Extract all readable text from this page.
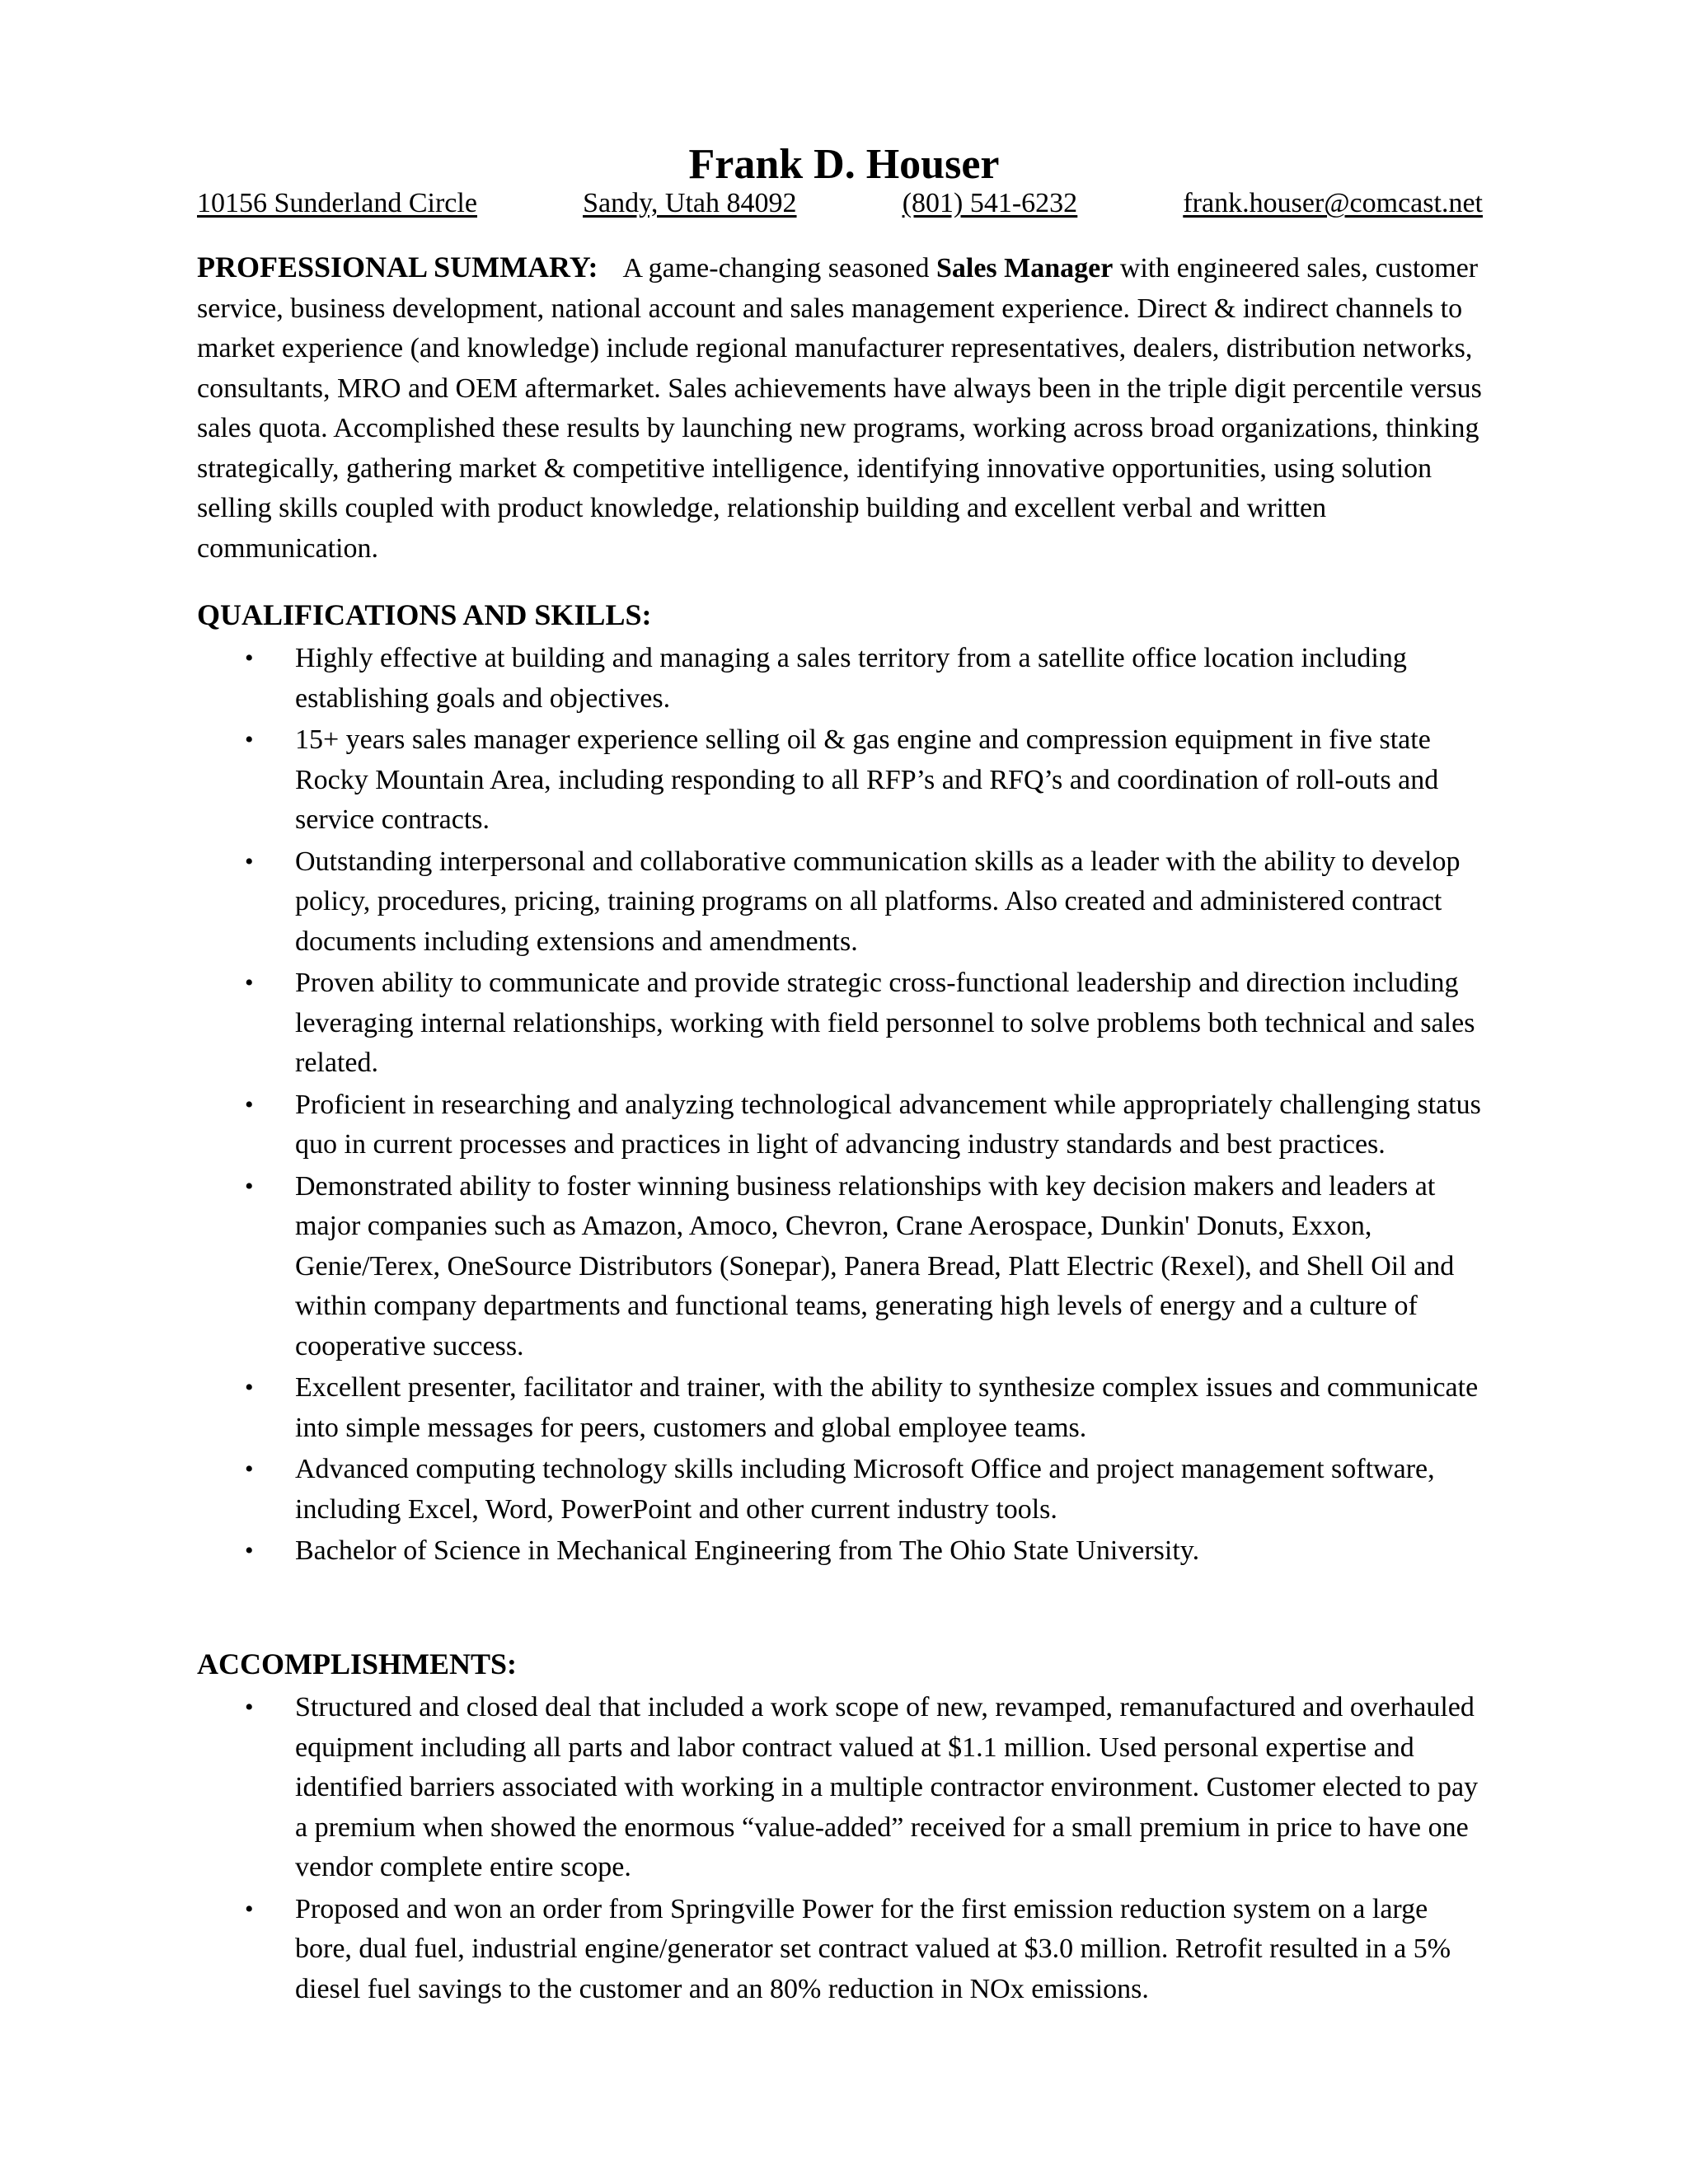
Frank D. Houser
10156 Sunderland Circle	Sandy, Utah 84092	(801) 541-6232	frank.houser@comcast.net
PROFESSIONAL SUMMARY: A game-changing seasoned Sales Manager with engineered sales, customer service, business development, national account and sales management experience. Direct & indirect channels to market experience (and knowledge) include regional manufacturer representatives, dealers, distribution networks, consultants, MRO and OEM aftermarket. Sales achievements have always been in the triple digit percentile versus sales quota. Accomplished these results by launching new programs, working across broad organizations, thinking strategically, gathering market & competitive intelligence, identifying innovative opportunities, using solution selling skills coupled with product knowledge, relationship building and excellent verbal and written communication.
QUALIFICATIONS AND SKILLS:
• Highly effective at building and managing a sales territory from a satellite office location including establishing goals and objectives.
• 15+ years sales manager experience selling oil & gas engine and compression equipment in five state Rocky Mountain Area, including responding to all RFP’s and RFQ’s and coordination of roll-outs and service contracts.
• Outstanding interpersonal and collaborative communication skills as a leader with the ability to develop policy, procedures, pricing, training programs on all platforms. Also created and administered contract documents including extensions and amendments.
• Proven ability to communicate and provide strategic cross-functional leadership and direction including leveraging internal relationships, working with field personnel to solve problems both technical and sales related.
• Proficient in researching and analyzing technological advancement while appropriately challenging status quo in current processes and practices in light of advancing industry standards and best practices.
• Demonstrated ability to foster winning business relationships with key decision makers and leaders at major companies such as Amazon, Amoco, Chevron, Crane Aerospace, Dunkin' Donuts, Exxon, Genie/Terex, OneSource Distributors (Sonepar), Panera Bread, Platt Electric (Rexel), and Shell Oil and within company departments and functional teams, generating high levels of energy and a culture of cooperative success.
• Excellent presenter, facilitator and trainer, with the ability to synthesize complex issues and communicate into simple messages for peers, customers and global employee teams.
• Advanced computing technology skills including Microsoft Office and project management software, including Excel, Word, PowerPoint and other current industry tools.
• Bachelor of Science in Mechanical Engineering from The Ohio State University.
ACCOMPLISHMENTS:
• Structured and closed deal that included a work scope of new, revamped, remanufactured and overhauled equipment including all parts and labor contract valued at $1.1 million. Used personal expertise and identified barriers associated with working in a multiple contractor environment. Customer elected to pay a premium when showed the enormous “value-added” received for a small premium in price to have one vendor complete entire scope.
• Proposed and won an order from Springville Power for the first emission reduction system on a large bore, dual fuel, industrial engine/generator set contract valued at $3.0 million. Retrofit resulted in a 5% diesel fuel savings to the customer and an 80% reduction in NOx emissions.
